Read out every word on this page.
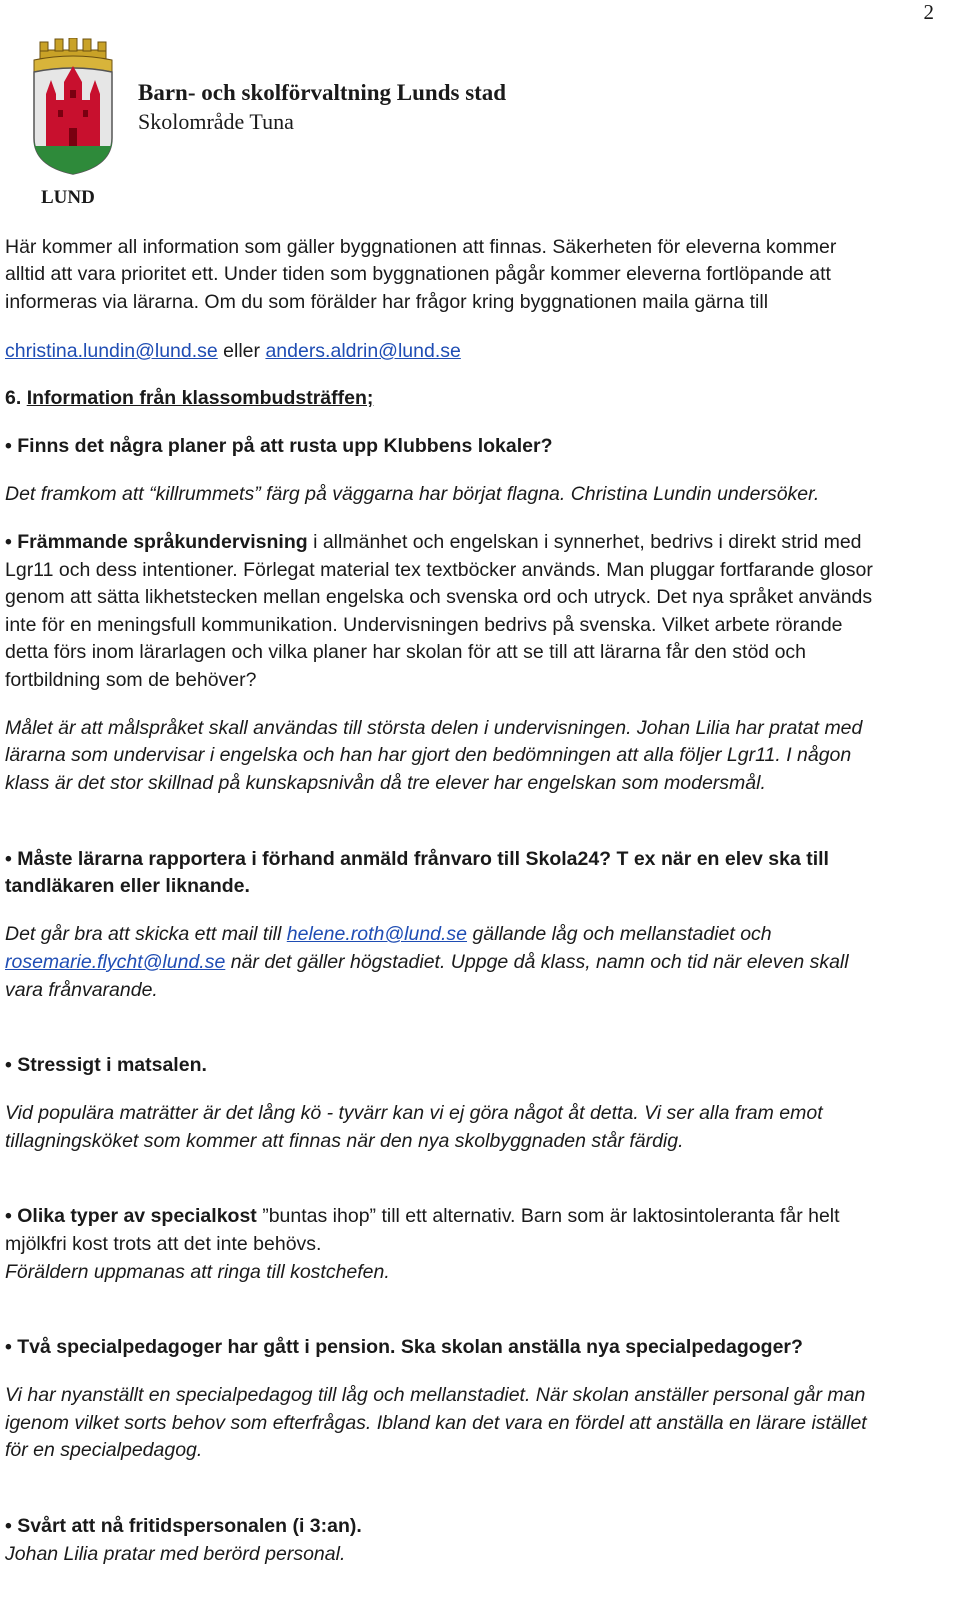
2
LUND
Barn- och skolförvaltning Lunds stad
Skolområde Tuna
Här kommer all information som gäller byggnationen att finnas. Säkerheten för eleverna kommer
alltid att vara prioritet ett. Under tiden som byggnationen pågår kommer eleverna fortlöpande att
informeras via lärarna. Om du som förälder har frågor kring byggnationen maila gärna till
christina.lundin@lund.se eller anders.aldrin@lund.se
6. Information från klassombudsträffen;
• Finns det några planer på att rusta upp Klubbens lokaler?
Det framkom att “killrummets” färg på väggarna har börjat flagna. Christina Lundin undersöker.
• Främmande språkundervisning i allmänhet och engelskan i synnerhet, bedrivs i direkt strid med
Lgr11 och dess intentioner. Förlegat material tex textböcker används. Man pluggar fortfarande glosor
genom att sätta likhetstecken mellan engelska och svenska ord och utryck. Det nya språket används
inte för en meningsfull kommunikation. Undervisningen bedrivs på svenska. Vilket arbete rörande
detta förs inom lärarlagen och vilka planer har skolan för att se till att lärarna får den stöd och
fortbildning som de behöver?
Målet är att målspråket skall användas till största delen i undervisningen. Johan Lilia har pratat med
lärarna som undervisar i engelska och han har gjort den bedömningen att alla följer Lgr11. I någon
klass är det stor skillnad på kunskapsnivån då tre elever har engelskan som modersmål.
• Måste lärarna rapportera i förhand anmäld frånvaro till Skola24? T ex när en elev ska till
tandläkaren eller liknande.
Det går bra att skicka ett mail till helene.roth@lund.se gällande låg och mellanstadiet och
rosemarie.flycht@lund.se när det gäller högstadiet. Uppge då klass, namn och tid när eleven skall
vara frånvarande.
• Stressigt i matsalen.
Vid populära maträtter är det lång kö - tyvärr kan vi ej göra något åt detta. Vi ser alla fram emot
tillagningsköket som kommer att finnas när den nya skolbyggnaden står färdig.
• Olika typer av specialkost ”buntas ihop” till ett alternativ. Barn som är laktosintoleranta får helt
mjölkfri kost trots att det inte behövs.
Föräldern uppmanas att ringa till kostchefen.
• Två specialpedagoger har gått i pension. Ska skolan anställa nya specialpedagoger?
Vi har nyanställt en specialpedagog till låg och mellanstadiet. När skolan anställer personal går man
igenom vilket sorts behov som efterfrågas. Ibland kan det vara en fördel att anställa en lärare istället
för en specialpedagog.
• Svårt att nå fritidspersonalen (i 3:an).
Johan Lilia pratar med berörd personal.
